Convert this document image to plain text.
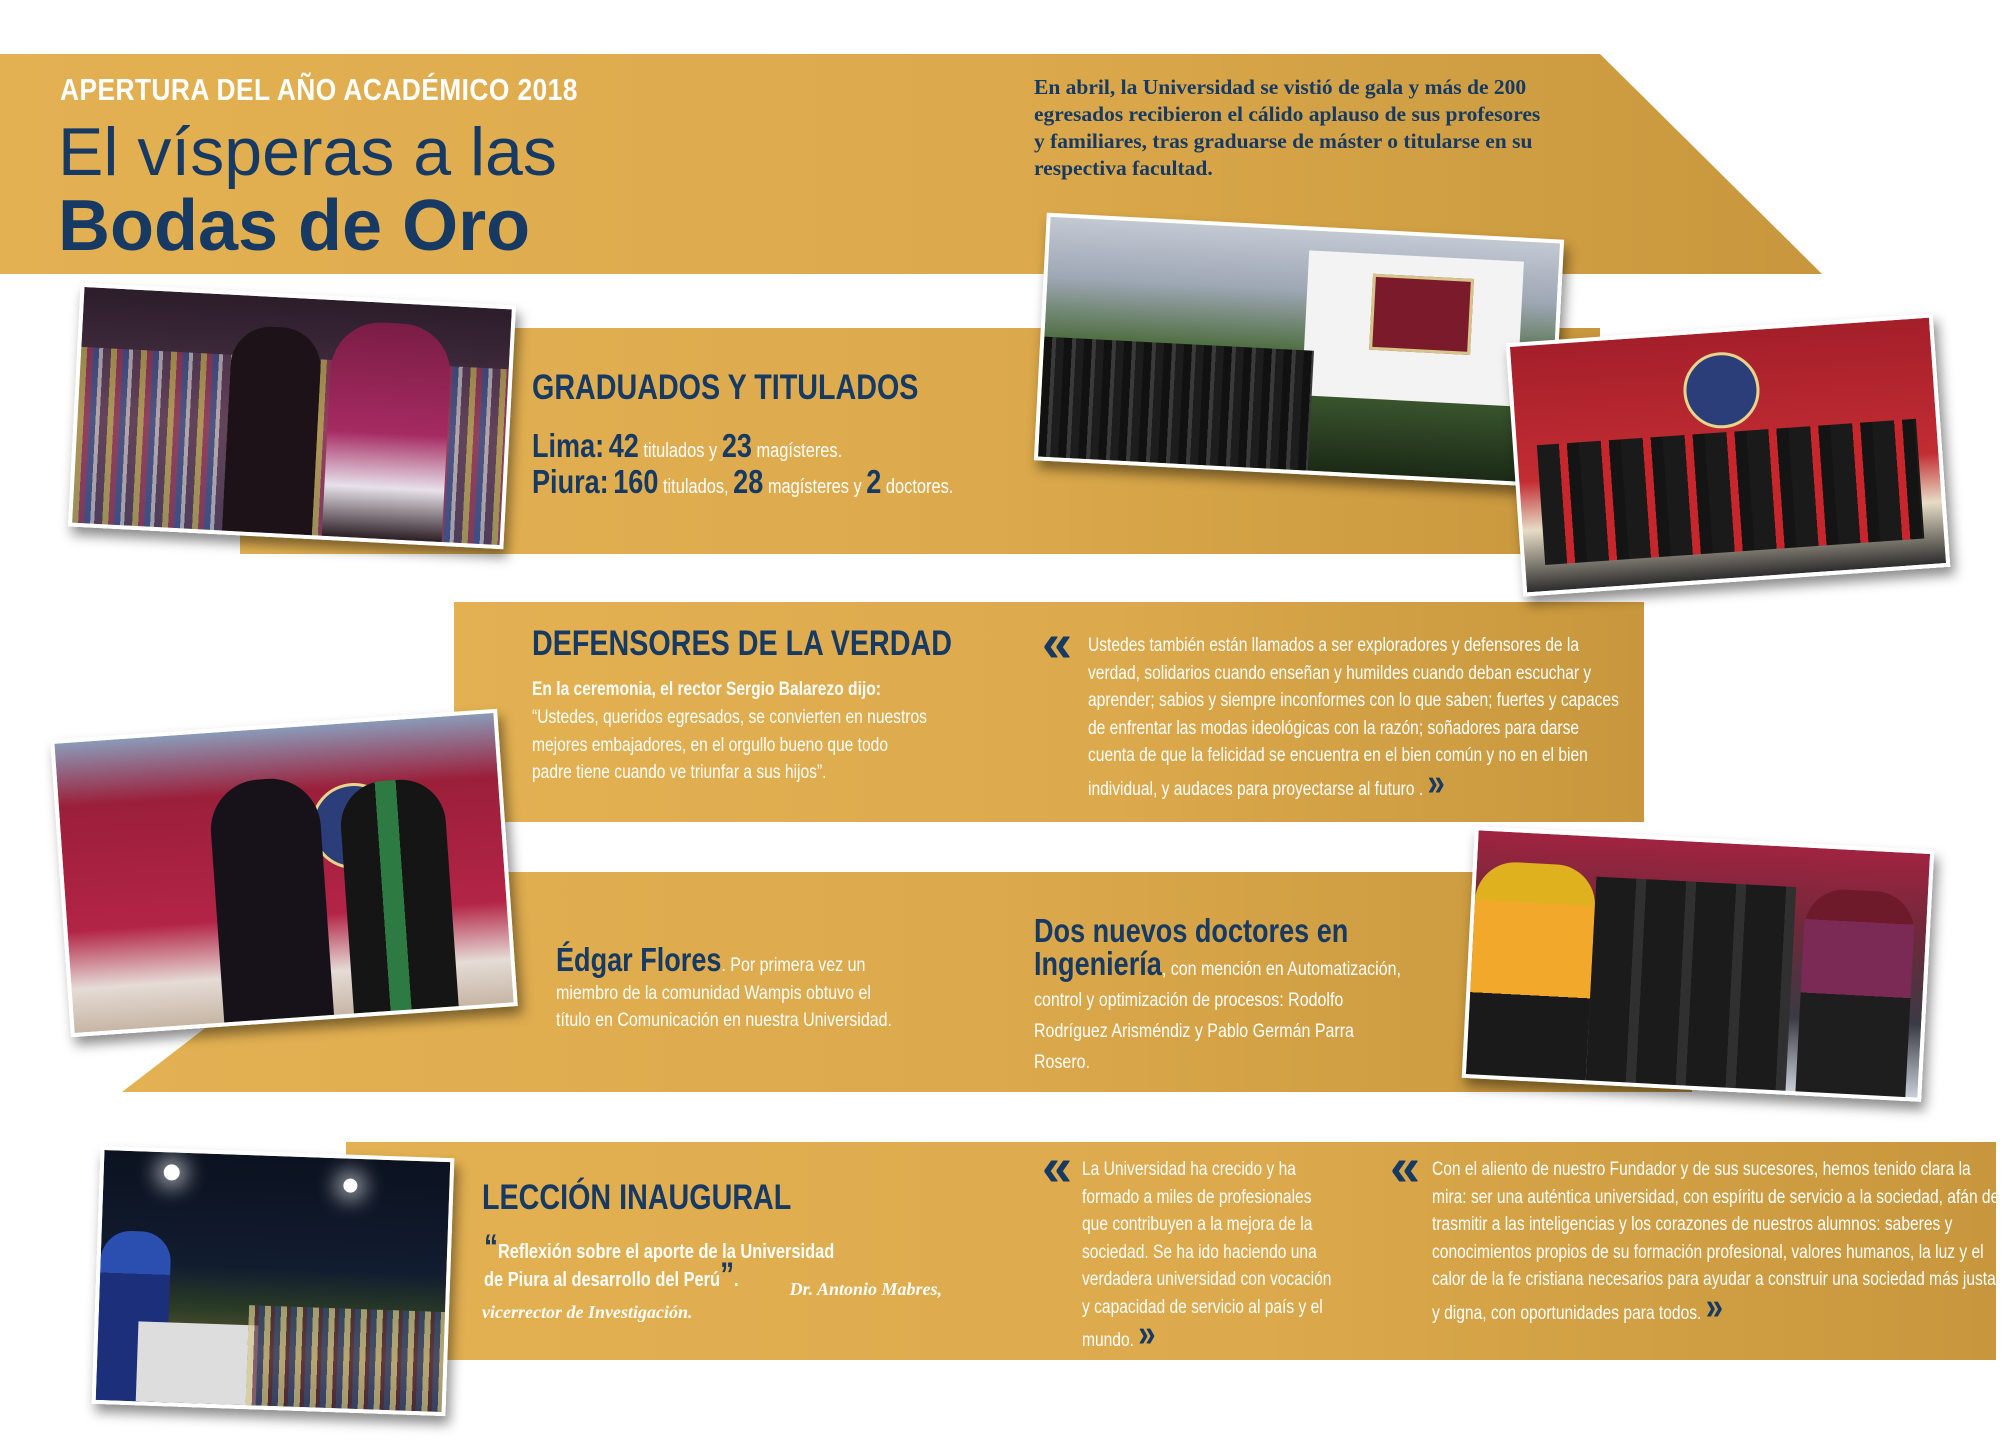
APERTURA DEL AÑO ACADÉMICO 2018
El vísperas a las
Bodas de Oro
En abril, la Universidad se vistió de gala y más de 200 egresados recibieron el cálido aplauso de sus profesores y familiares, tras graduarse de máster o titularse en su respectiva facultad.
GRADUADOS Y TITULADOS
Lima: 42 titulados y 23 magísteres.
Piura: 160 titulados, 28 magísteres y 2 doctores.
DEFENSORES DE LA VERDAD
En la ceremonia, el rector Sergio Balarezo dijo:
“Ustedes, queridos egresados, se convierten en nuestros mejores embajadores, en el orgullo bueno que todo padre tiene cuando ve triunfar a sus hijos”.
« Ustedes también están llamados a ser exploradores y defensores de la verdad, solidarios cuando enseñan y humildes cuando deban escuchar y aprender; sabios y siempre inconformes con lo que saben; fuertes y capaces de enfrentar las modas ideológicas con la razón; soñadores para darse cuenta de que la felicidad se encuentra en el bien común y no en el bien individual, y audaces para proyectarse al futuro . »
Édgar Flores. Por primera vez un miembro de la comunidad Wampis obtuvo el título en Comunicación en nuestra Universidad.
Dos nuevos doctores en
Ingeniería, con mención en Automatización, control y optimización de procesos: Rodolfo Rodríguez Arisméndiz y Pablo Germán Parra Rosero.
LECCIÓN INAUGURAL
“Reflexión sobre el aporte de la Universidad de Piura al desarrollo del Perú”.	Dr. Antonio Mabres,
vicerrector de Investigación.
« La Universidad ha crecido y ha formado a miles de profesionales que contribuyen a la mejora de la sociedad. Se ha ido haciendo una verdadera universidad con vocación y capacidad de servicio al país y el mundo. »
« Con el aliento de nuestro Fundador y de sus sucesores, hemos tenido clara la mira: ser una auténtica universidad, con espíritu de servicio a la sociedad, afán de trasmitir a las inteligencias y los corazones de nuestros alumnos: saberes y conocimientos propios de su formación profesional, valores humanos, la luz y el calor de la fe cristiana necesarios para ayudar a construir una sociedad más justa y digna, con oportunidades para todos. »
